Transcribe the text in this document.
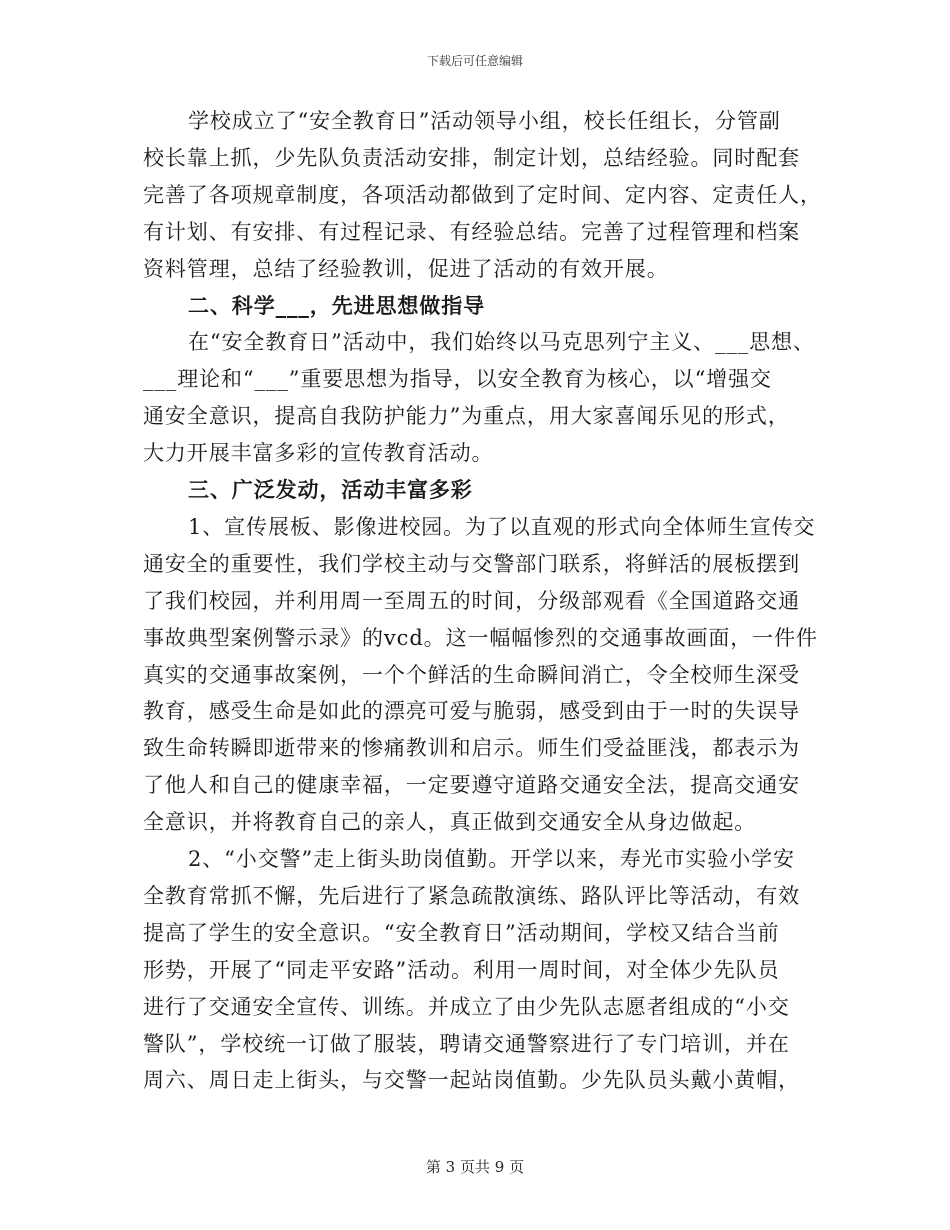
下载后可任意编辑
学校成立了“安全教育日”活动领导小组，校长任组长，分管副
校长靠上抓，少先队负责活动安排，制定计划，总结经验。同时配套
完善了各项规章制度，各项活动都做到了定时间、定内容、定责任人，
有计划、有安排、有过程记录、有经验总结。完善了过程管理和档案
资料管理，总结了经验教训，促进了活动的有效开展。
二、科学___，先进思想做指导
在“安全教育日”活动中，我们始终以马克思列宁主义、___思想、
___理论和“___”重要思想为指导，以安全教育为核心，以“增强交
通安全意识，提高自我防护能力”为重点，用大家喜闻乐见的形式，
大力开展丰富多彩的宣传教育活动。
三、广泛发动，活动丰富多彩
1、宣传展板、影像进校园。为了以直观的形式向全体师生宣传交
通安全的重要性，我们学校主动与交警部门联系，将鲜活的展板摆到
了我们校园，并利用周一至周五的时间，分级部观看《全国道路交通
事故典型案例警示录》的vcd。这一幅幅惨烈的交通事故画面，一件件
真实的交通事故案例，一个个鲜活的生命瞬间消亡，令全校师生深受
教育，感受生命是如此的漂亮可爱与脆弱，感受到由于一时的失误导
致生命转瞬即逝带来的惨痛教训和启示。师生们受益匪浅，都表示为
了他人和自己的健康幸福，一定要遵守道路交通安全法，提高交通安
全意识，并将教育自己的亲人，真正做到交通安全从身边做起。
2、“小交警”走上街头助岗值勤。开学以来，寿光市实验小学安
全教育常抓不懈，先后进行了紧急疏散演练、路队评比等活动，有效
提高了学生的安全意识。“安全教育日”活动期间，学校又结合当前
形势，开展了“同走平安路”活动。利用一周时间，对全体少先队员
进行了交通安全宣传、训练。并成立了由少先队志愿者组成的“小交
警队”，学校统一订做了服装，聘请交通警察进行了专门培训，并在
周六、周日走上街头，与交警一起站岗值勤。少先队员头戴小黄帽，
第 3 页共 9 页
